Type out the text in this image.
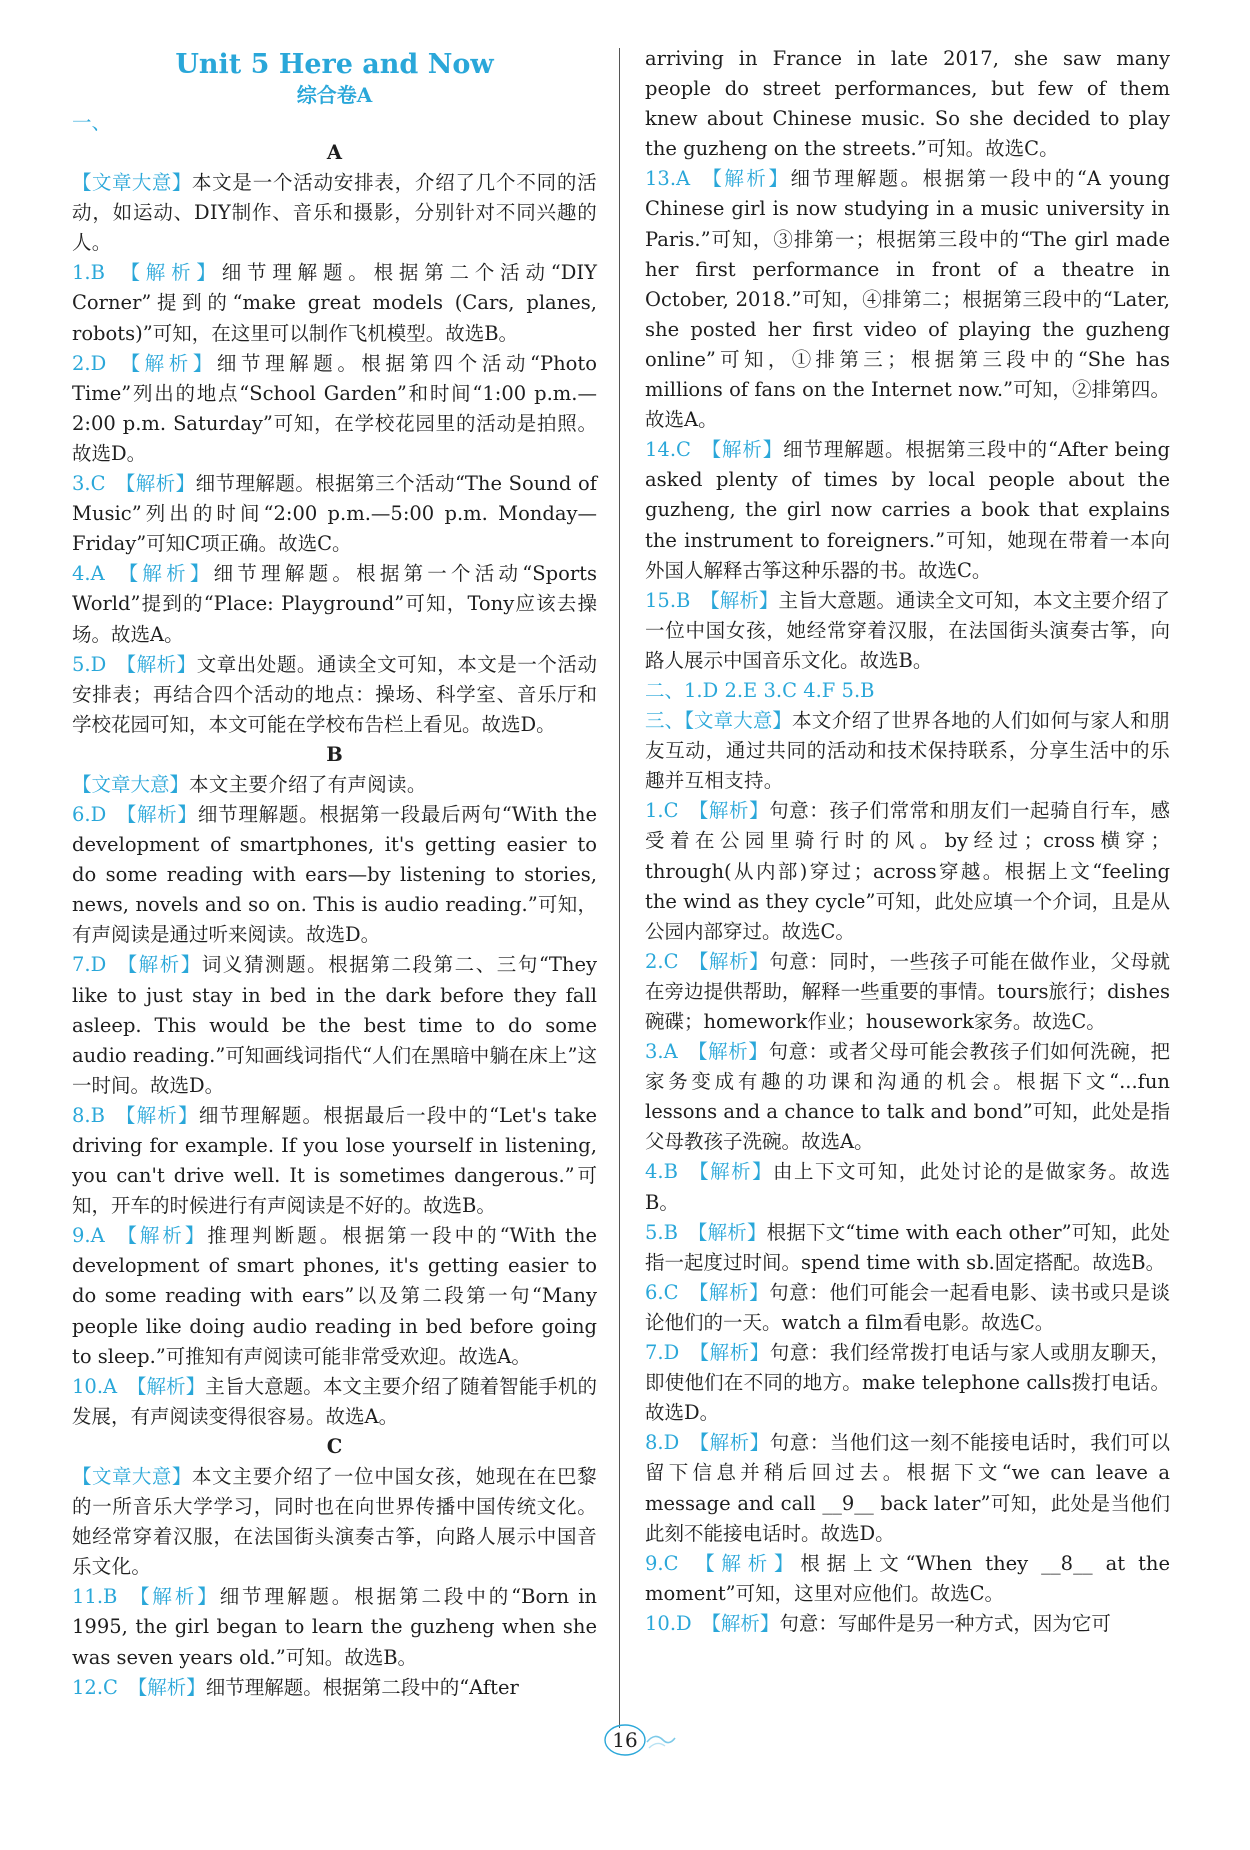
Unit 5 Here and Now
综合卷A

一、

A

【文章大意】本文是一个活动安排表，介绍了几个不同的活动，如运动、DIY制作、音乐和摄影，分别针对不同兴趣的人。

1.B  【解析】细节理解题。根据第二个活动“DIY Corner”提到的“make great models (Cars, planes, robots)”可知，在这里可以制作飞机模型。故选B。

2.D  【解析】细节理解题。根据第四个活动“Photo Time”列出的地点“School Garden”和时间“1:00 p.m.—2:00 p.m. Saturday”可知，在学校花园里的活动是拍照。故选D。

3.C  【解析】细节理解题。根据第三个活动“The Sound of Music”列出的时间“2:00 p.m.—5:00 p.m. Monday—Friday”可知C项正确。故选C。

4.A  【解析】细节理解题。根据第一个活动“Sports World”提到的“Place: Playground”可知，Tony应该去操场。故选A。

5.D  【解析】文章出处题。通读全文可知，本文是一个活动安排表；再结合四个活动的地点：操场、科学室、音乐厅和学校花园可知，本文可能在学校布告栏上看见。故选D。

B

【文章大意】本文主要介绍了有声阅读。

6.D  【解析】细节理解题。根据第一段最后两句“With the development of smartphones, it's getting easier to do some reading with ears—by listening to stories, news, novels and so on. This is audio reading.”可知，有声阅读是通过听来阅读。故选D。

7.D  【解析】词义猜测题。根据第二段第二、三句“They like to just stay in bed in the dark before they fall asleep. This would be the best time to do some audio reading.”可知画线词指代“人们在黑暗中躺在床上”这一时间。故选D。

8.B  【解析】细节理解题。根据最后一段中的“Let's take driving for example. If you lose yourself in listening, you can't drive well. It is sometimes dangerous.”可知，开车的时候进行有声阅读是不好的。故选B。

9.A  【解析】推理判断题。根据第一段中的“With the development of smart phones, it's getting easier to do some reading with ears”以及第二段第一句“Many people like doing audio reading in bed before going to sleep.”可推知有声阅读可能非常受欢迎。故选A。

10.A  【解析】主旨大意题。本文主要介绍了随着智能手机的发展，有声阅读变得很容易。故选A。

C

【文章大意】本文主要介绍了一位中国女孩，她现在在巴黎的一所音乐大学学习，同时也在向世界传播中国传统文化。她经常穿着汉服，在法国街头演奏古筝，向路人展示中国音乐文化。

11.B  【解析】细节理解题。根据第二段中的“Born in 1995, the girl began to learn the guzheng when she was seven years old.”可知。故选B。

12.C  【解析】细节理解题。根据第二段中的“After

arriving in France in late 2017, she saw many people do street performances, but few of them knew about Chinese music. So she decided to play the guzheng on the streets.”可知。故选C。

13.A  【解析】细节理解题。根据第一段中的“A young Chinese girl is now studying in a music university in Paris.”可知，③排第一；根据第三段中的“The girl made her first performance in front of a theatre in October, 2018.”可知，④排第二；根据第三段中的“Later, she posted her first video of playing the guzheng online”可知，①排第三；根据第三段中的“She has millions of fans on the Internet now.”可知，②排第四。故选A。

14.C  【解析】细节理解题。根据第三段中的“After being asked plenty of times by local people about the guzheng, the girl now carries a book that explains the instrument to foreigners.”可知，她现在带着一本向外国人解释古筝这种乐器的书。故选C。

15.B  【解析】主旨大意题。通读全文可知，本文主要介绍了一位中国女孩，她经常穿着汉服，在法国街头演奏古筝，向路人展示中国音乐文化。故选B。

二、1.D 2.E 3.C 4.F 5.B

三、【文章大意】本文介绍了世界各地的人们如何与家人和朋友互动，通过共同的活动和技术保持联系，分享生活中的乐趣并互相支持。

1.C  【解析】句意：孩子们常常和朋友们一起骑自行车，感受着在公园里骑行时的风。by经过；cross横穿；through(从内部)穿过；across穿越。根据上文“feeling the wind as they cycle”可知，此处应填一个介词，且是从公园内部穿过。故选C。

2.C  【解析】句意：同时，一些孩子可能在做作业，父母就在旁边提供帮助，解释一些重要的事情。tours旅行；dishes碗碟；homework作业；housework家务。故选C。

3.A  【解析】句意：或者父母可能会教孩子们如何洗碗，把家务变成有趣的功课和沟通的机会。根据下文“...fun lessons and a chance to talk and bond”可知，此处是指父母教孩子洗碗。故选A。

4.B  【解析】由上下文可知，此处讨论的是做家务。故选B。

5.B  【解析】根据下文“time with each other”可知，此处指一起度过时间。spend time with sb.固定搭配。故选B。

6.C  【解析】句意：他们可能会一起看电影、读书或只是谈论他们的一天。watch a film看电影。故选C。

7.D  【解析】句意：我们经常拨打电话与家人或朋友聊天，即使他们在不同的地方。make telephone calls拨打电话。故选D。

8.D  【解析】句意：当他们这一刻不能接电话时，我们可以留下信息并稍后回过去。根据下文“we can leave a message and call __9__ back later”可知，此处是当他们此刻不能接电话时。故选D。

9.C  【解析】根据上文“When they __8__ at the moment”可知，这里对应他们。故选C。

10.D  【解析】句意：写邮件是另一种方式，因为它可

16
